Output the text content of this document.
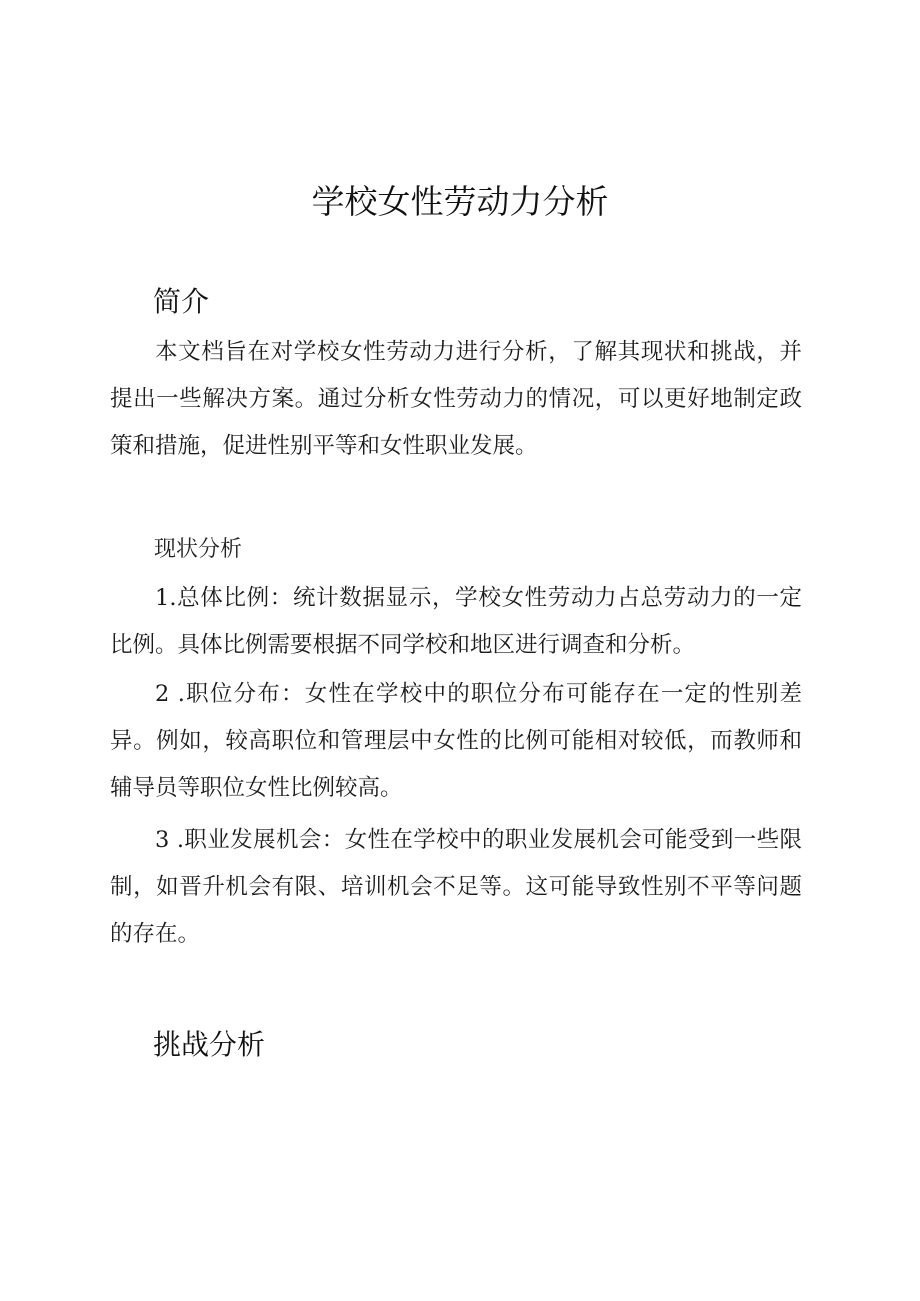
学校女性劳动力分析
简介

本文档旨在对学校女性劳动力进行分析，了解其现状和挑战，并提出一些解决方案。通过分析女性劳动力的情况，可以更好地制定政策和措施，促进性别平等和女性职业发展。

现状分析

1.总体比例：统计数据显示，学校女性劳动力占总劳动力的一定比例。具体比例需要根据不同学校和地区进行调查和分析。

2 .职位分布：女性在学校中的职位分布可能存在一定的性别差异。例如，较高职位和管理层中女性的比例可能相对较低，而教师和辅导员等职位女性比例较高。

3 .职业发展机会：女性在学校中的职业发展机会可能受到一些限制，如晋升机会有限、培训机会不足等。这可能导致性别不平等问题的存在。

挑战分析
